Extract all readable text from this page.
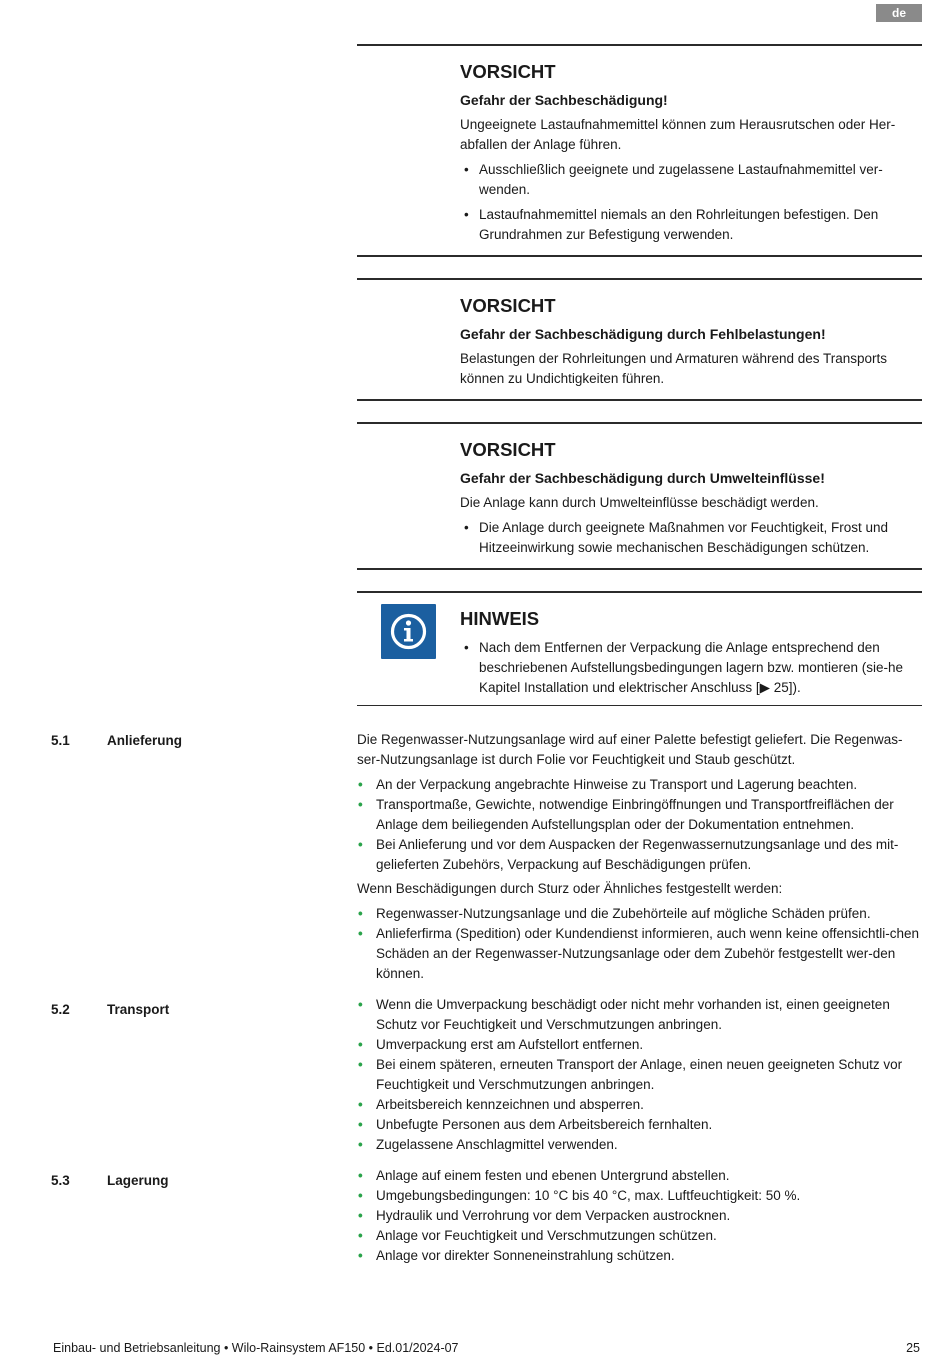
de
VORSICHT
Gefahr der Sachbeschädigung!
Ungeeignete Lastaufnahmemittel können zum Herausrutschen oder Her-abfallen der Anlage führen.
• Ausschließlich geeignete und zugelassene Lastaufnahmemittel ver-wenden.
• Lastaufnahmemittel niemals an den Rohrleitungen befestigen. Den Grundrahmen zur Befestigung verwenden.
VORSICHT
Gefahr der Sachbeschädigung durch Fehlbelastungen!
Belastungen der Rohrleitungen und Armaturen während des Transports können zu Undichtigkeiten führen.
VORSICHT
Gefahr der Sachbeschädigung durch Umwelteinflüsse!
Die Anlage kann durch Umwelteinflüsse beschädigt werden.
• Die Anlage durch geeignete Maßnahmen vor Feuchtigkeit, Frost und Hitzeeinwirkung sowie mechanischen Beschädigungen schützen.
HINWEIS
• Nach dem Entfernen der Verpackung die Anlage entsprechend den beschriebenen Aufstellungsbedingungen lagern bzw. montieren (sie-he Kapitel Installation und elektrischer Anschluss [▶ 25]).
5.1	Anlieferung	Die Regenwasser-Nutzungsanlage wird auf einer Palette befestigt geliefert. Die Regenwas-ser-Nutzungsanlage ist durch Folie vor Feuchtigkeit und Staub geschützt.
• An der Verpackung angebrachte Hinweise zu Transport und Lagerung beachten.
• Transportmaße, Gewichte, notwendige Einbringöffnungen und Transportfreiflächen der Anlage dem beiliegenden Aufstellungsplan oder der Dokumentation entnehmen.
• Bei Anlieferung und vor dem Auspacken der Regenwassernutzungsanlage und des mit-gelieferten Zubehörs, Verpackung auf Beschädigungen prüfen.
Wenn Beschädigungen durch Sturz oder Ähnliches festgestellt werden:
• Regenwasser-Nutzungsanlage und die Zubehörteile auf mögliche Schäden prüfen.
• Anlieferfirma (Spedition) oder Kundendienst informieren, auch wenn keine offensichtli-chen Schäden an der Regenwasser-Nutzungsanlage oder dem Zubehör festgestellt wer-den können.
5.2	Transport	• Wenn die Umverpackung beschädigt oder nicht mehr vorhanden ist, einen geeigneten Schutz vor Feuchtigkeit und Verschmutzungen anbringen.
• Umverpackung erst am Aufstellort entfernen.
• Bei einem späteren, erneuten Transport der Anlage, einen neuen geeigneten Schutz vor Feuchtigkeit und Verschmutzungen anbringen.
• Arbeitsbereich kennzeichnen und absperren.
• Unbefugte Personen aus dem Arbeitsbereich fernhalten.
• Zugelassene Anschlagmittel verwenden.
5.3	Lagerung	• Anlage auf einem festen und ebenen Untergrund abstellen.
• Umgebungsbedingungen: 10 °C bis 40 °C, max. Luftfeuchtigkeit: 50 %.
• Hydraulik und Verrohrung vor dem Verpacken austrocknen.
• Anlage vor Feuchtigkeit und Verschmutzungen schützen.
• Anlage vor direkter Sonneneinstrahlung schützen.
Einbau- und Betriebsanleitung • Wilo-Rainsystem AF150 • Ed.01/2024-07	25
